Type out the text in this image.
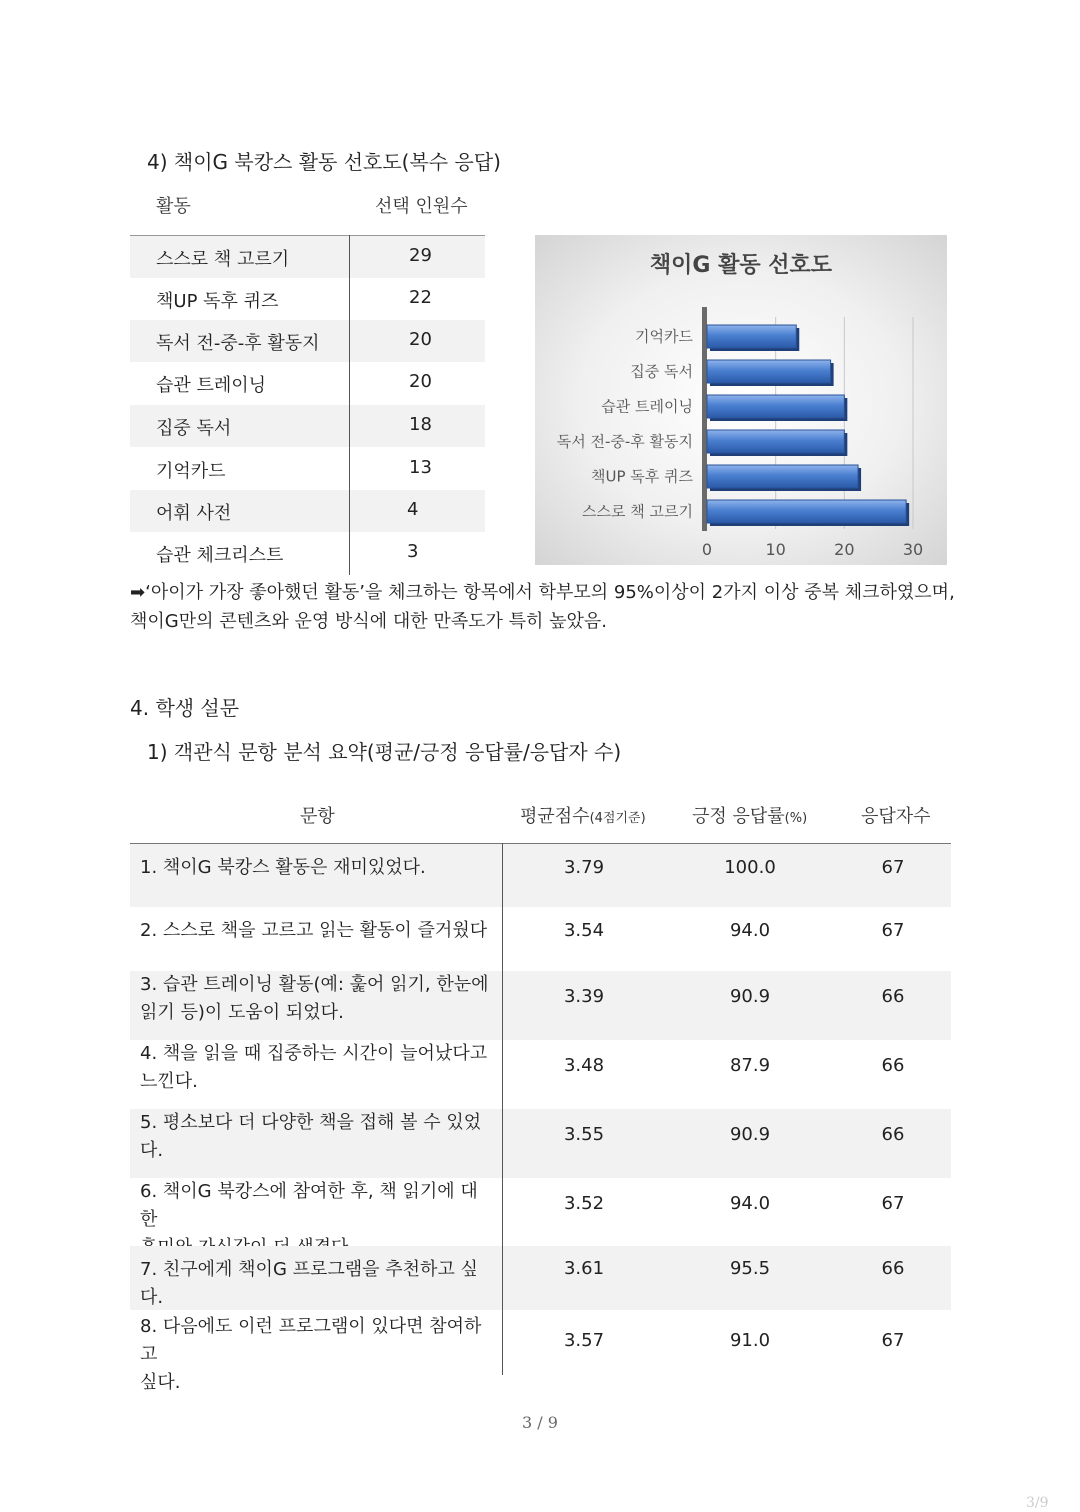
4) 책이G 북캉스 활동 선호도(복수 응답)
활동	선택 인원수
스스로 책 고르기	29
책UP 독후 퀴즈	22
독서 전-중-후 활동지	20
습관 트레이닝	20
집중 독서	18
기억카드	13
어휘 사전	4
습관 체크리스트	3
책이G 활동 선호도
기억카드
집중 독서
습관 트레이닝
독서 전-중-후 활동지
책UP 독후 퀴즈
스스로 책 고르기
0	10	20	30
➡‘아이가 가장 좋아했던 활동’을 체크하는 항목에서 학부모의 95%이상이 2가지 이상 중복 체크하였으며,
책이G만의 콘텐츠와 운영 방식에 대한 만족도가 특히 높았음.
4. 학생 설문
1) 객관식 문항 분석 요약(평균/긍정 응답률/응답자 수)
문항	평균점수(4점기준)	긍정 응답률(%)	응답자수
1. 책이G 북캉스 활동은 재미있었다.	3.79	100.0	67
2. 스스로 책을 고르고 읽는 활동이 즐거웠다	3.54	94.0	67
3. 습관 트레이닝 활동(예: 훑어 읽기, 한눈에
읽기 등)이 도움이 되었다.
3.39	90.9	66
4. 책을 읽을 때 집중하는 시간이 늘어났다고
느낀다.
3.48	87.9	66
5. 평소보다 더 다양한 책을 접해 볼 수 있었
다.
3.55	90.9	66
6. 책이G 북캉스에 참여한 후, 책 읽기에 대한
3.52	94.0	67
7. 친구에게 책이G 프로그램을 추천하고 싶다.
3.61	95.5	66
8. 다음에도 이런 프로그램이 있다면 참여하고
싶다.
3.57	91.0	67
3 / 9
3/9
